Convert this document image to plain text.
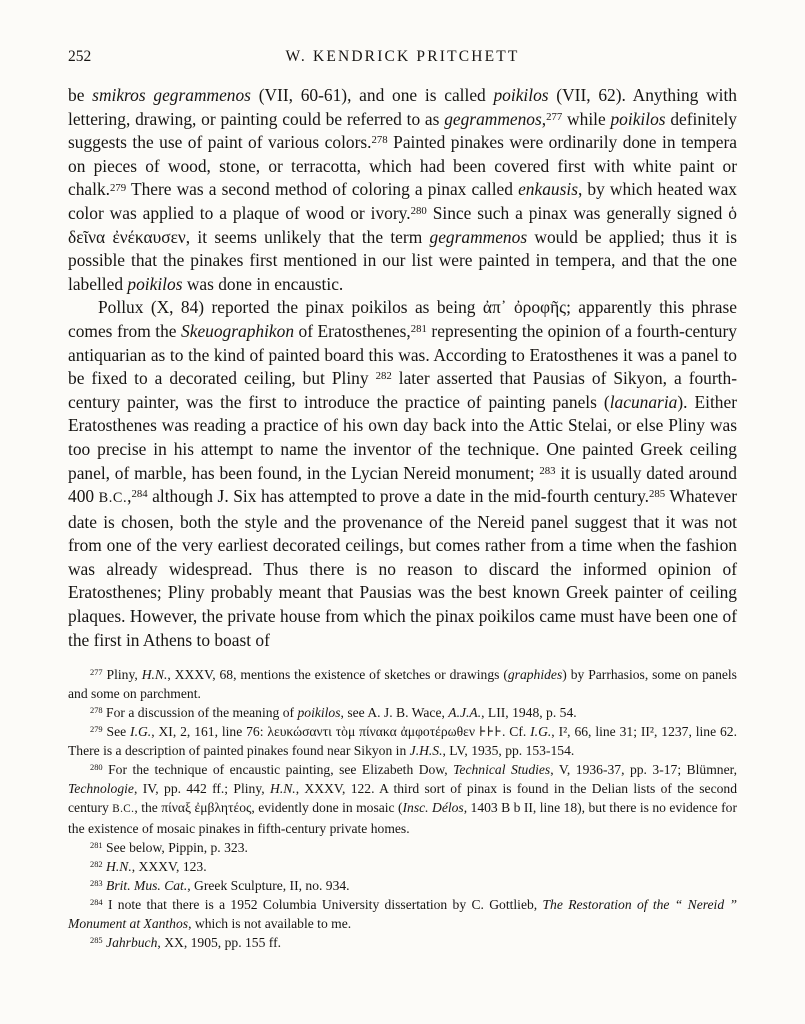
252	W. KENDRICK PRITCHETT

be smikros gegrammenos (VII, 60-61), and one is called poikilos (VII, 62). Anything with lettering, drawing, or painting could be referred to as gegrammenos,$^{277}$ while poikilos definitely suggests the use of paint of various colors.$^{278}$ Painted pinakes were ordinarily done in tempera on pieces of wood, stone, or terracotta, which had been covered first with white paint or chalk.$^{279}$ There was a second method of coloring a pinax called enkausis, by which heated wax color was applied to a plaque of wood or ivory.$^{280}$ Since such a pinax was generally signed ὁ δεῖνα ἐνέκαυσεν, it seems unlikely that the term gegrammenos would be applied; thus it is possible that the pinakes first mentioned in our list were painted in tempera, and that the one labelled poikilos was done in encaustic.

Pollux (X, 84) reported the pinax poikilos as being ἀπ᾽ ὀροφῆς; apparently this phrase comes from the Skeuographikon of Eratosthenes,$^{281}$ representing the opinion of a fourth-century antiquarian as to the kind of painted board this was. According to Eratosthenes it was a panel to be fixed to a decorated ceiling, but Pliny $^{282}$ later asserted that Pausias of Sikyon, a fourth-century painter, was the first to introduce the practice of painting panels (lacunaria). Either Eratosthenes was reading a practice of his own day back into the Attic Stelai, or else Pliny was too precise in his attempt to name the inventor of the technique. One painted Greek ceiling panel, of marble, has been found, in the Lycian Nereid monument; $^{283}$ it is usually dated around 400 B.C.,$^{284}$ although J. Six has attempted to prove a date in the mid-fourth century.$^{285}$ Whatever date is chosen, both the style and the provenance of the Nereid panel suggest that it was not from one of the very earliest decorated ceilings, but comes rather from a time when the fashion was already widespread. Thus there is no reason to discard the informed opinion of Eratosthenes; Pliny probably meant that Pausias was the best known Greek painter of ceiling plaques. However, the private house from which the pinax poikilos came must have been one of the first in Athens to boast of

$^{277}$ Pliny, H.N., XXXV, 68, mentions the existence of sketches or drawings (graphides) by Parrhasios, some on panels and some on parchment.

$^{278}$ For a discussion of the meaning of poikilos, see A. J. B. Wace, A.J.A., LII, 1948, p. 54.

$^{279}$ See I.G., XI, 2, 161, line 76: λευκώσαντι τὸμ πίνακα ἀμφοτέρωθεν ⊦⊦⊦. Cf. I.G., I², 66, line 31; II², 1237, line 62. There is a description of painted pinakes found near Sikyon in J.H.S., LV, 1935, pp. 153-154.

$^{280}$ For the technique of encaustic painting, see Elizabeth Dow, Technical Studies, V, 1936-37, pp. 3-17; Blümner, Technologie, IV, pp. 442 ff.; Pliny, H.N., XXXV, 122. A third sort of pinax is found in the Delian lists of the second century B.C., the πίναξ ἐμβλητέος, evidently done in mosaic (Insc. Délos, 1403 B b II, line 18), but there is no evidence for the existence of mosaic pinakes in fifth-century private homes.

$^{281}$ See below, Pippin, p. 323.

$^{282}$ H.N., XXXV, 123.

$^{283}$ Brit. Mus. Cat., Greek Sculpture, II, no. 934.

$^{284}$ I note that there is a 1952 Columbia University dissertation by C. Gottlieb, The Restoration of the “ Nereid ” Monument at Xanthos, which is not available to me.

$^{285}$ Jahrbuch, XX, 1905, pp. 155 ff.
